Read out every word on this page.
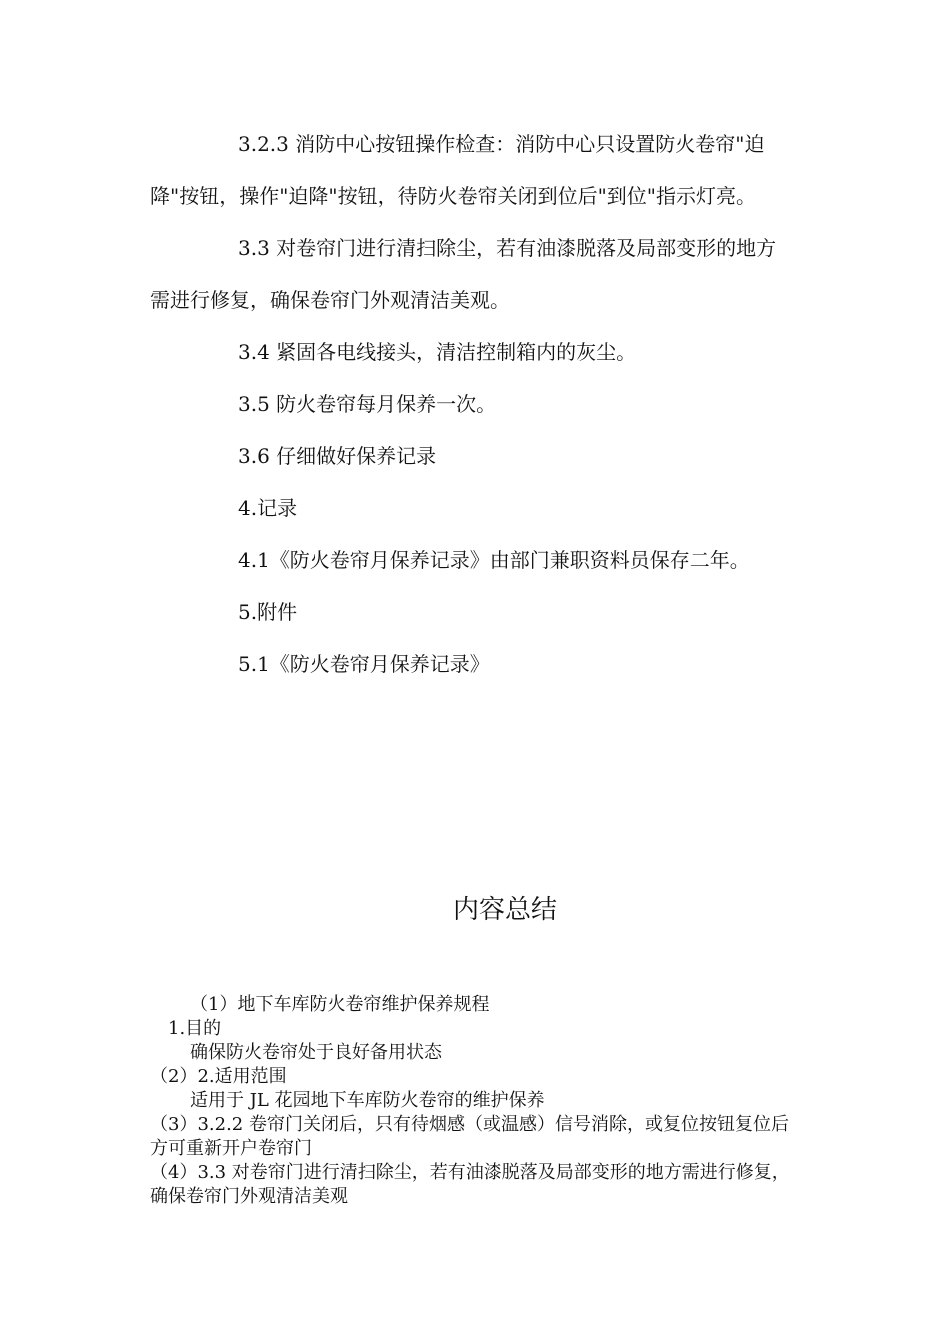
3.2.3 消防中心按钮操作检查：消防中心只设置防火卷帘"迫降"按钮，操作"迫降"按钮，待防火卷帘关闭到位后"到位"指示灯亮。

3.3 对卷帘门进行清扫除尘，若有油漆脱落及局部变形的地方需进行修复，确保卷帘门外观清洁美观。

3.4 紧固各电线接头，清洁控制箱内的灰尘。

3.5 防火卷帘每月保养一次。

3.6 仔细做好保养记录

4.记录

4.1《防火卷帘月保养记录》由部门兼职资料员保存二年。

5.附件

5.1《防火卷帘月保养记录》

内容总结

（1）地下车库防火卷帘维护保养规程

1.目的

确保防火卷帘处于良好备用状态

（2）2.适用范围

适用于 JL 花园地下车库防火卷帘的维护保养

（3）3.2.2 卷帘门关闭后，只有待烟感（或温感）信号消除，或复位按钮复位后方可重新开户卷帘门

（4）3.3 对卷帘门进行清扫除尘，若有油漆脱落及局部变形的地方需进行修复，确保卷帘门外观清洁美观
